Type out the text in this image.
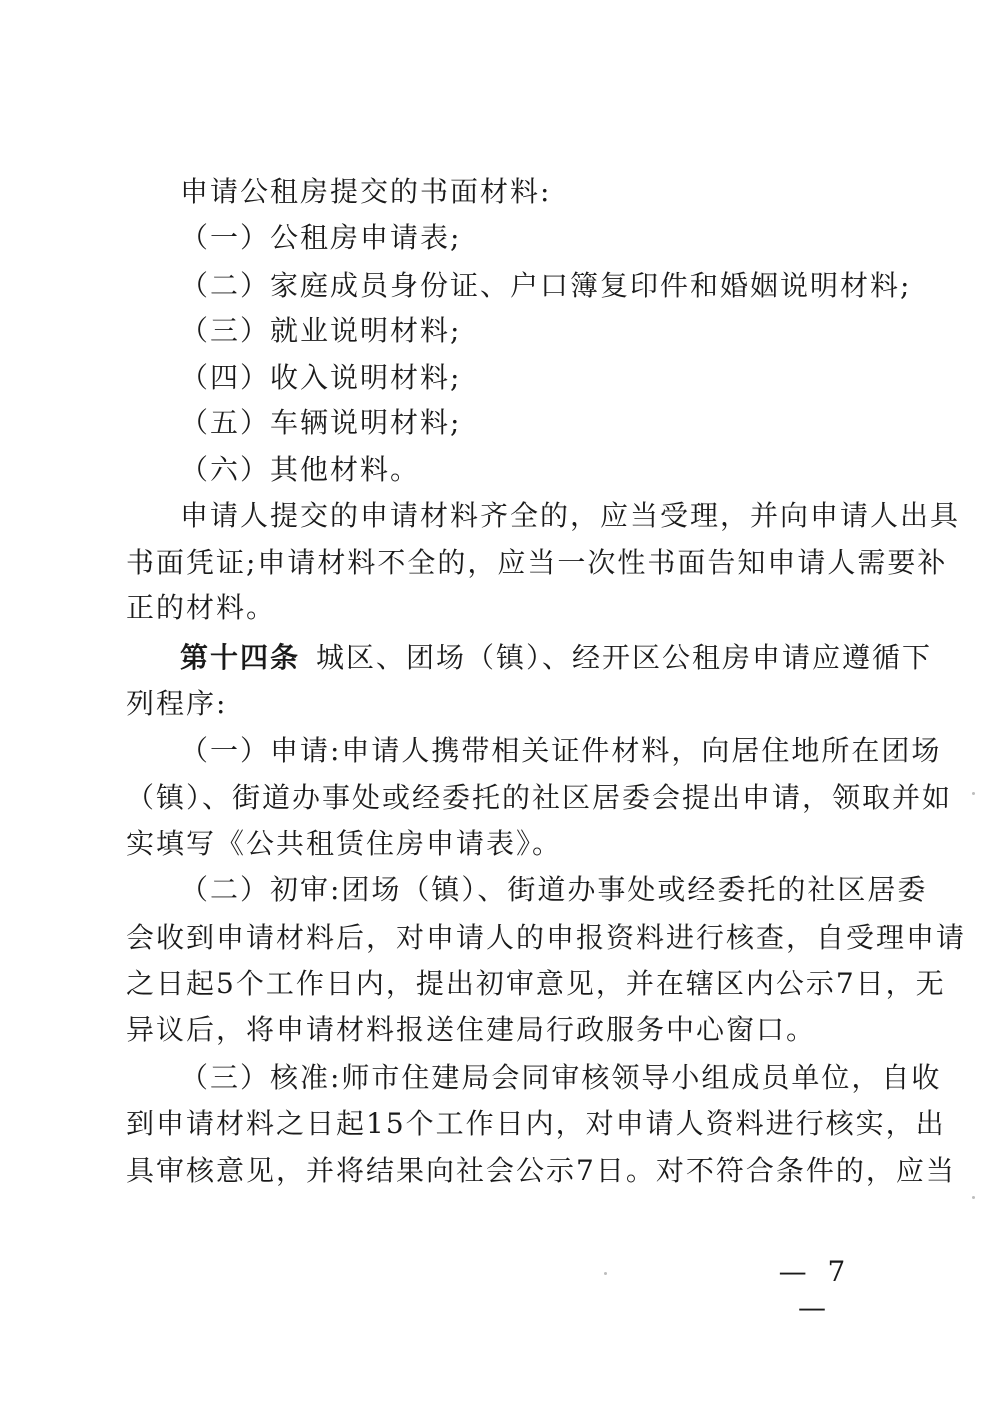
申请公租房提交的书面材料:
（一）公租房申请表;
（二）家庭成员身份证、户口簿复印件和婚姻说明材料;
（三）就业说明材料;
（四）收入说明材料;
（五）车辆说明材料;
（六）其他材料。
申请人提交的申请材料齐全的，应当受理，并向申请人出具
书面凭证;申请材料不全的，应当一次性书面告知申请人需要补
正的材料。
第十四条 城区、团场（镇）、经开区公租房申请应遵循下
列程序:
（一）申请:申请人携带相关证件材料，向居住地所在团场
（镇）、街道办事处或经委托的社区居委会提出申请，领取并如
实填写《公共租赁住房申请表》。
（二）初审:团场（镇）、街道办事处或经委托的社区居委
会收到申请材料后，对申请人的申报资料进行核查，自受理申请
之日起5个工作日内，提出初审意见，并在辖区内公示7日，无
异议后，将申请材料报送住建局行政服务中心窗口。
（三）核准:师市住建局会同审核领导小组成员单位，自收
到申请材料之日起15个工作日内，对申请人资料进行核实，出
具审核意见，并将结果向社会公示7日。对不符合条件的，应当
— 7 —
